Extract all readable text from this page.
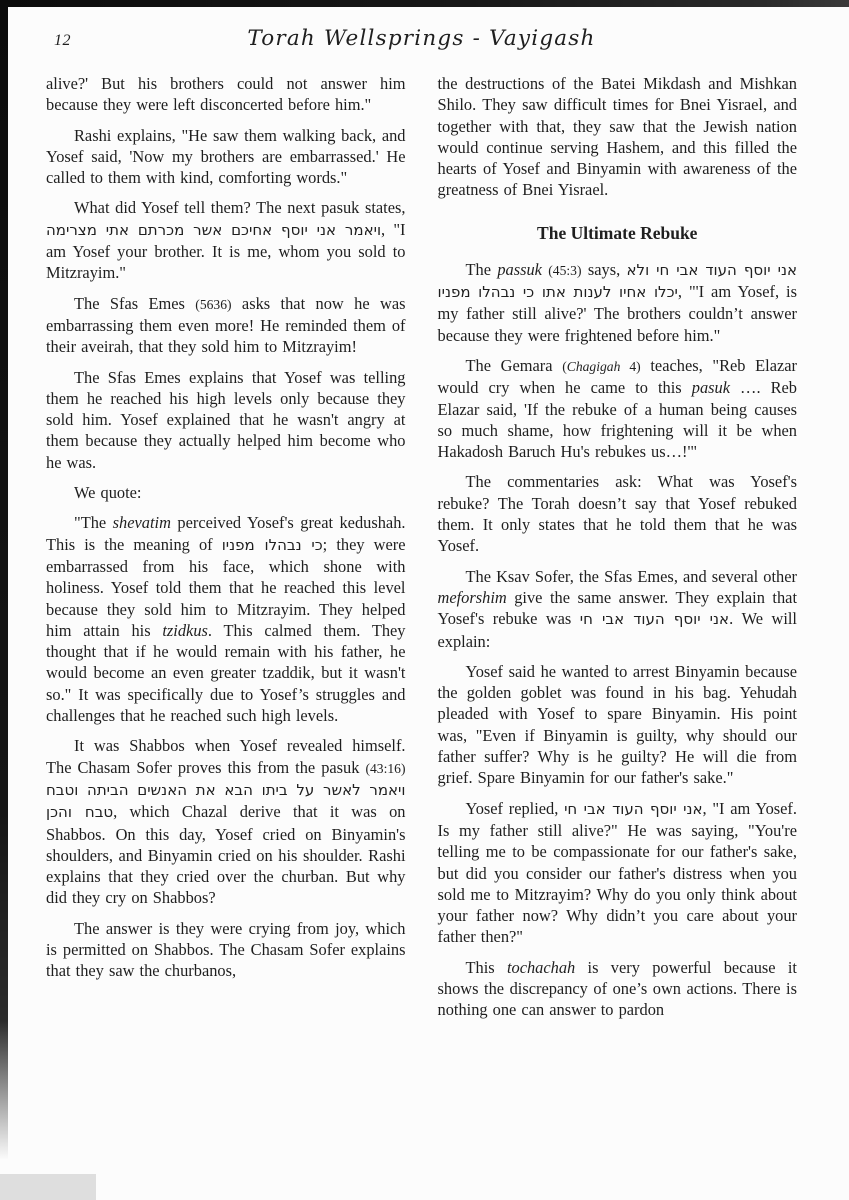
12	Torah Wellsprings - Vayigash

alive?' But his brothers could not answer him because they were left disconcerted before him."

Rashi explains, "He saw them walking back, and Yosef said, 'Now my brothers are embarrassed.' He called to them with kind, comforting words."

What did Yosef tell them? The next pasuk states, ויאמר אני יוסף אחיכם אשר מכרתם אתי מצרימה, "I am Yosef your brother. It is me, whom you sold to Mitzrayim."

The Sfas Emes (5636) asks that now he was embarrassing them even more! He reminded them of their aveirah, that they sold him to Mitzrayim!

The Sfas Emes explains that Yosef was telling them he reached his high levels only because they sold him. Yosef explained that he wasn't angry at them because they actually helped him become who he was.

We quote:

"The shevatim perceived Yosef's great kedushah. This is the meaning of כי נבהלו מפניו; they were embarrassed from his face, which shone with holiness. Yosef told them that he reached this level because they sold him to Mitzrayim. They helped him attain his tzidkus. This calmed them. They thought that if he would remain with his father, he would become an even greater tzaddik, but it wasn't so." It was specifically due to Yosef’s struggles and challenges that he reached such high levels.

It was Shabbos when Yosef revealed himself. The Chasam Sofer proves this from the pasuk (43:16) ויאמר לאשר על ביתו הבא את האנשים הביתה וטבח טבח והכן, which Chazal derive that it was on Shabbos. On this day, Yosef cried on Binyamin's shoulders, and Binyamin cried on his shoulder. Rashi explains that they cried over the churban. But why did they cry on Shabbos?

The answer is they were crying from joy, which is permitted on Shabbos. The Chasam Sofer explains that they saw the churbanos,

the destructions of the Batei Mikdash and Mishkan Shilo. They saw difficult times for Bnei Yisrael, and together with that, they saw that the Jewish nation would continue serving Hashem, and this filled the hearts of Yosef and Binyamin with awareness of the greatness of Bnei Yisrael.

The Ultimate Rebuke

The passuk (45:3) says, אני יוסף העוד אבי חי ולא יכלו אחיו לענות אתו כי נבהלו מפניו, "'I am Yosef, is my father still alive?' The brothers couldn’t answer because they were frightened before him."

The Gemara (Chagigah 4) teaches, "Reb Elazar would cry when he came to this pasuk …. Reb Elazar said, 'If the rebuke of a human being causes so much shame, how frightening will it be when Hakadosh Baruch Hu's rebukes us…!'"

The commentaries ask: What was Yosef's rebuke? The Torah doesn’t say that Yosef rebuked them. It only states that he told them that he was Yosef.

The Ksav Sofer, the Sfas Emes, and several other meforshim give the same answer. They explain that Yosef's rebuke was אני יוסף העוד אבי חי. We will explain:

Yosef said he wanted to arrest Binyamin because the golden goblet was found in his bag. Yehudah pleaded with Yosef to spare Binyamin. His point was, "Even if Binyamin is guilty, why should our father suffer? Why is he guilty? He will die from grief. Spare Binyamin for our father's sake."

Yosef replied, אני יוסף העוד אבי חי, "I am Yosef. Is my father still alive?" He was saying, "You're telling me to be compassionate for our father's sake, but did you consider our father's distress when you sold me to Mitzrayim? Why do you only think about your father now? Why didn’t you care about your father then?"

This tochachah is very powerful because it shows the discrepancy of one’s own actions. There is nothing one can answer to pardon
